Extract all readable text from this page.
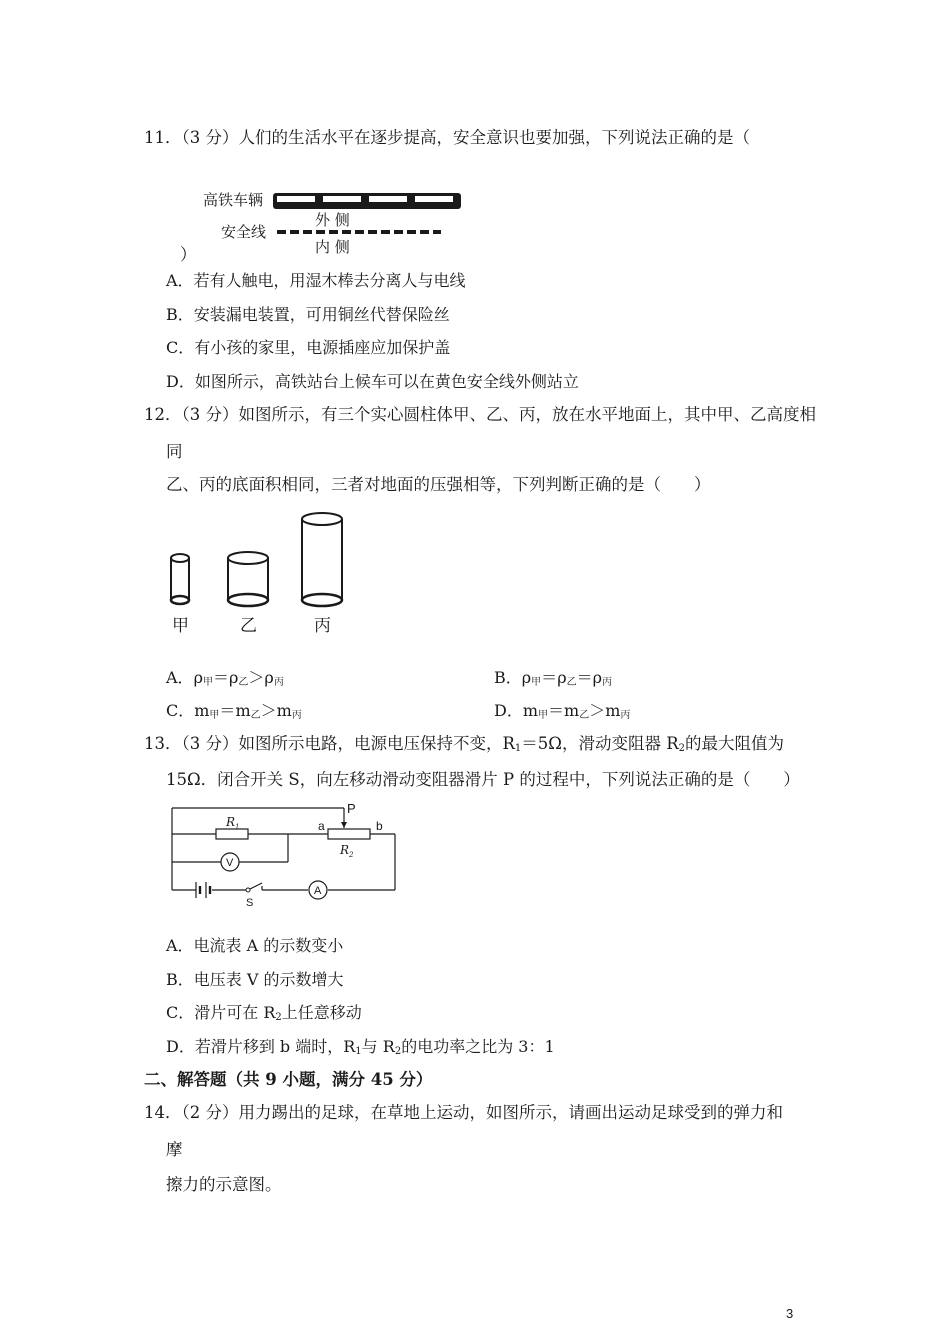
11．（3 分）人们的生活水平在逐步提高，安全意识也要加强，下列说法正确的是（
高铁车辆
外 侧
安全线
内 侧
）
A．若有人触电，用湿木棒去分离人与电线
B．安装漏电装置，可用铜丝代替保险丝
C．有小孩的家里，电源插座应加保护盖
D．如图所示，高铁站台上候车可以在黄色安全线外侧站立
12．（3 分）如图所示，有三个实心圆柱体甲、乙、丙，放在水平地面上，其中甲、乙高度相
同
乙、丙的底面积相同，三者对地面的压强相等，下列判断正确的是（　　）
甲	乙	丙
A．$\rho_甲=\rho_乙>\rho_丙$	B．$\rho_甲=\rho_乙=\rho_丙$
C．$m_甲=m_乙>m_丙$	D．$m_甲=m_乙>m_丙$
13．（3 分）如图所示电路，电源电压保持不变，$R_1=5\Omega$，滑动变阻器 $R_2$的最大阻值为
15Ω．闭合开关 S，向左移动滑动变阻器滑片 P 的过程中，下列说法正确的是（　　）
V
A
$R_1$
$R_2$
P
a	b
S
A．电流表 A 的示数变小
B．电压表 V 的示数增大
C．滑片可在 $R_2$上任意移动
D．若滑片移到 b 端时，$R_1$与 $R_2$的电功率之比为 3：1
二、解答题（共 9 小题，满分 45 分）
14．（2 分）用力踢出的足球，在草地上运动，如图所示，请画出运动足球受到的弹力和
摩
擦力的示意图。
3
